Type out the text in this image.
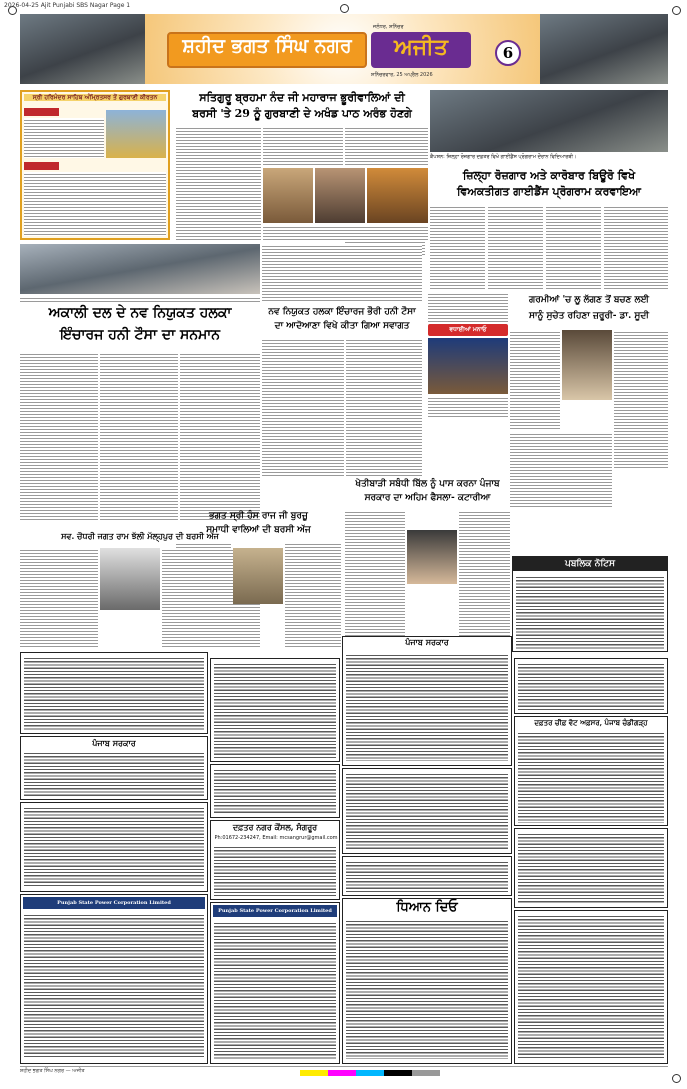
2026-04-25 Ajit Punjabi SBS Nagar Page 1
ਸ਼ਹੀਦ ਭਗਤ ਸਿੰਘ ਨਗਰ	ਅਜੀਤ
ਜਲੰਧਰ, ਸ਼ਨਿੱਚਰ
ਸ਼ਨਿੱਚਰਵਾਰ, 25 ਅਪ੍ਰੈਲ 2026
6
ਸ੍ਰੀ ਹਰਿਮੰਦਰ ਸਾਹਿਬ ਅੰਮ੍ਰਿਤਸਰ ਤੋਂ ਗੁਰਬਾਣੀ ਕੀਰਤਨ	ਸਤਿਗੁਰੂ ਬ੍ਰਹਮਾ ਨੰਦ ਜੀ ਮਹਾਰਾਜ ਭੂਰੀਵਾਲਿਆਂ ਦੀ
ਬਰਸੀ 'ਤੇ 29 ਨੂੰ ਗੁਰਬਾਣੀ ਦੇ ਅਖੰਡ ਪਾਠ ਅਰੰਭ ਹੋਣਗੇ
ਕੈਪਸ਼ਨ: ਜ਼ਿਲ੍ਹਾ ਰੋਜ਼ਗਾਰ ਦਫ਼ਤਰ ਵਿਖੇ ਗਾਈਡੈਂਸ ਪ੍ਰੋਗਰਾਮ ਦੌਰਾਨ ਵਿਦਿਆਰਥੀ।
ਜ਼ਿਲ੍ਹਾ ਰੋਜ਼ਗਾਰ ਅਤੇ ਕਾਰੋਬਾਰ ਬਿਊਰੋ ਵਿਖੇ
ਵਿਅਕਤੀਗਤ ਗਾਈਡੈਂਸ ਪ੍ਰੋਗਰਾਮ ਕਰਵਾਇਆ
ਨਵ ਨਿਯੁਕਤ ਹਲਕਾ ਇੰਚਾਰਜ ਭੌਰੀ ਹਨੀ ਟੌਸਾ
ਦਾ ਆਦੋਆਣਾ ਵਿਖੇ ਕੀਤਾ ਗਿਆ ਸਵਾਗਤ
ਅਕਾਲੀ ਦਲ ਦੇ ਨਵ ਨਿਯੁਕਤ ਹਲਕਾ
ਇੰਚਾਰਜ ਹਨੀ ਟੌਸਾ ਦਾ ਸਨਮਾਨ	ਵਧਾਈਆਂ ਮਨਾਓ
ਗਰਮੀਆਂ 'ਚ ਲੂ ਲੱਗਣ ਤੋਂ ਬਚਣ ਲਈ
ਸਾਨੂੰ ਸੁਚੇਤ ਰਹਿਣਾ ਜ਼ਰੂਰੀ- ਡਾ. ਸੂਦੀ
ਖੇਤੀਬਾੜੀ ਸਬੰਧੀ ਬਿੱਲ ਨੂੰ ਪਾਸ ਕਰਨਾ ਪੰਜਾਬ
ਸਰਕਾਰ ਦਾ ਅਹਿਮ ਫੈਸਲਾ- ਕਟਾਰੀਆ
ਸਵ. ਚੌਧਰੀ ਜਗਤ ਰਾਮ ਝੱਲੀ ਮੱਲ੍ਹਪੁਰ ਦੀ ਬਰਸੀ ਅੱਜ
ਭਗਤ ਸ੍ਰੀ ਹੰਸ ਰਾਜ ਜੀ ਬੁਰਜ਼ੂ
ਸਮਾਧੀ ਵਾਲਿਆਂ ਦੀ ਬਰਸੀ ਅੱਜ
ਪਬਲਿਕ ਨੋਟਿਸ
ਪੰਜਾਬ ਸਰਕਾਰ
ਪੰਜਾਬ ਸਰਕਾਰ
ਦਫ਼ਤਰ ਚੀਫ਼ ਵੋਟ ਅਫ਼ਸਰ, ਪੰਜਾਬ ਚੰਡੀਗੜ੍ਹ
ਦਫ਼ਤਰ ਨਗਰ ਕੌਂਸਲ, ਸੰਗਰੂਰ
Ph:01672-234247, Email: mcsangrur@gmail.com
Punjab State Power Corporation Limited
Punjab State Power Corporation Limited	ਧਿਆਨ ਦਿਓ
ਸ਼ਹੀਦ ਭਗਤ ਸਿੰਘ ਨਗਰ — ਅਜੀਤ
